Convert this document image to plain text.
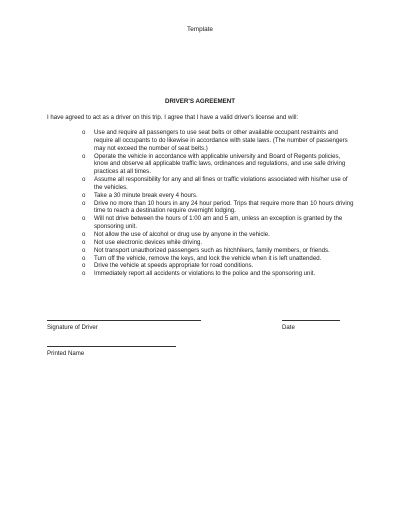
Template
DRIVER'S AGREEMENT
I have agreed to act as a driver on this trip. I agree that I have a valid driver's license and will:
o Use and require all passengers to use seat belts or other available occupant restraints and require all occupants to do likewise in accordance with state laws. (The number of passengers may not exceed the number of seat belts.)
o Operate the vehicle in accordance with applicable university and Board of Regents policies, know and observe all applicable traffic laws, ordinances and regulations, and use safe driving practices at all times.
o Assume all responsibility for any and all fines or traffic violations associated with his/her use of the vehicles.
o Take a 30 minute break every 4 hours.
o Drive no more than 10 hours in any 24 hour period. Trips that require more than 10 hours driving time to reach a destination require overnight lodging.
o Will not drive between the hours of 1:00 am and 5 am, unless an exception is granted by the sponsoring unit.
o Not allow the use of alcohol or drug use by anyone in the vehicle.
o Not use electronic devices while driving.
o Not transport unauthorized passengers such as hitchhikers, family members, or friends.
o Turn off the vehicle, remove the keys, and lock the vehicle when it is left unattended.
o Drive the vehicle at speeds appropriate for road conditions.
o Immediately report all accidents or violations to the police and the sponsoring unit.
Signature of Driver	Date
Printed Name
